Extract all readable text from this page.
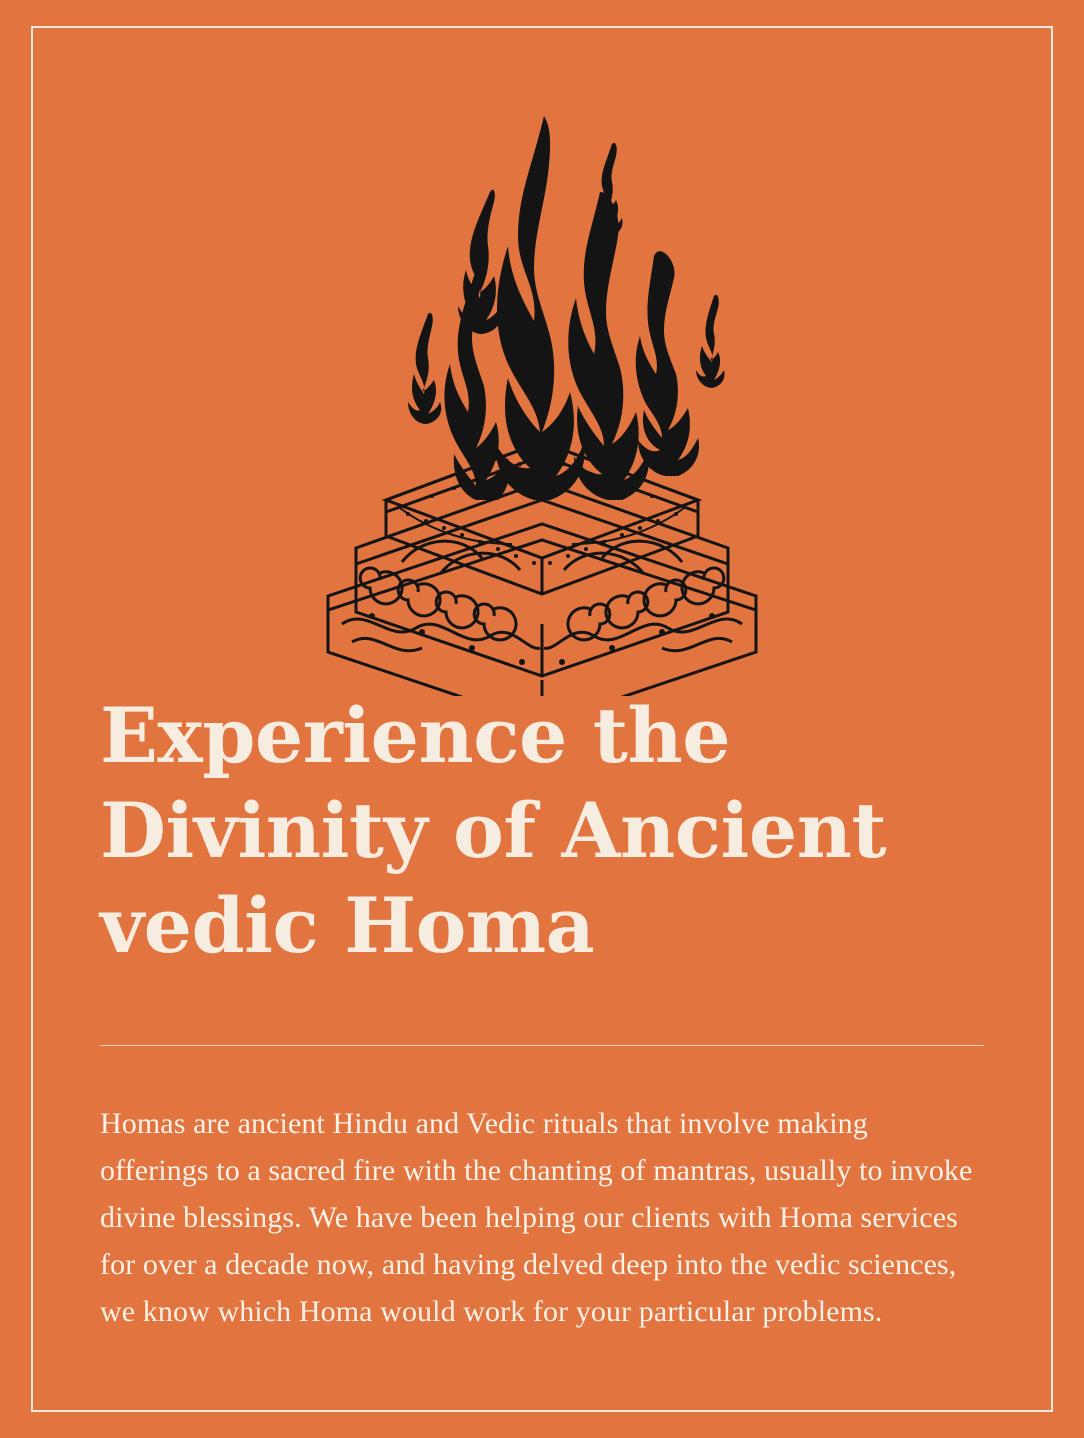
Experience the
Divinity of Ancient
vedic Homa

Homas are ancient Hindu and Vedic rituals that involve making offerings to a sacred fire with the chanting of mantras, usually to invoke divine blessings. We have been helping our clients with Homa services for over a decade now, and having delved deep into the vedic sciences, we know which Homa would work for your particular problems.
